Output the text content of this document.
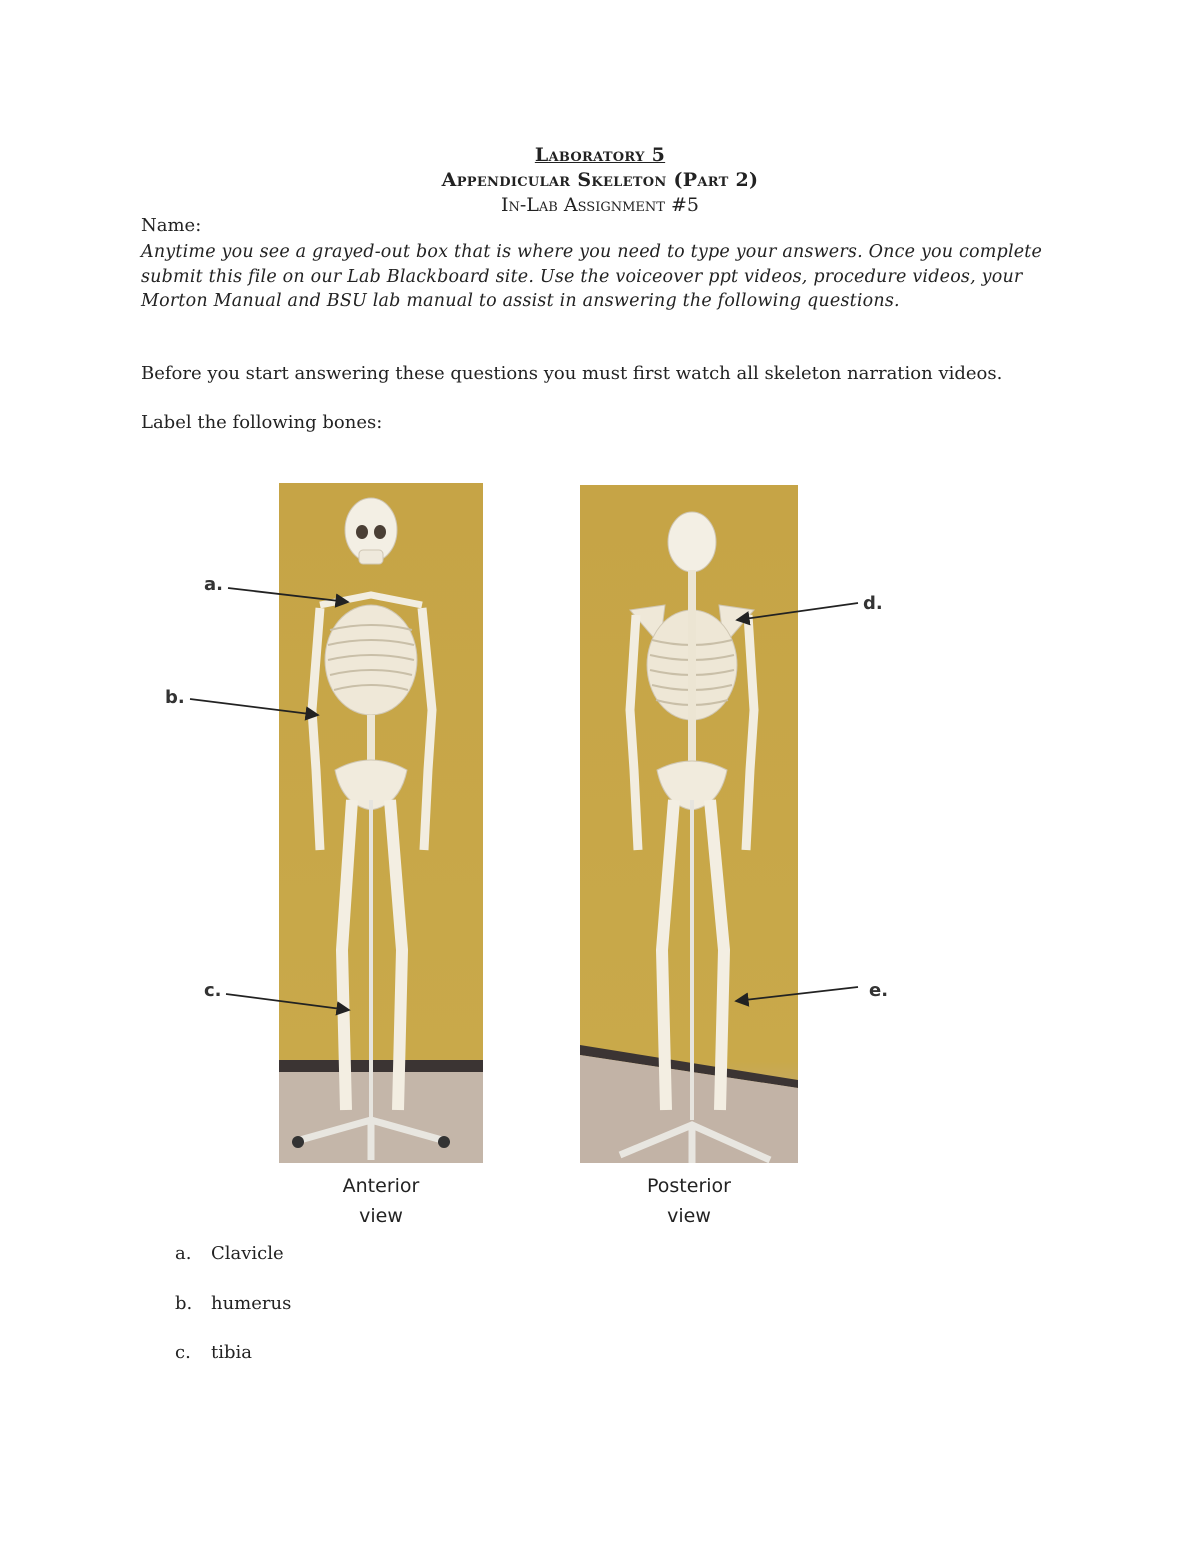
Laboratory 5
Appendicular Skeleton (Part 2)
In-Lab Assignment #5
Name:
Anytime you see a grayed-out box that is where you need to type your answers. Once you complete submit this file on our Lab Blackboard site. Use the voiceover ppt videos, procedure videos, your Morton Manual and BSU lab manual to assist in answering the following questions.
Before you start answering these questions you must first watch all skeleton narration videos.
Label the following bones:
a.
b.
c.
d.
e.
Anterior
view
Posterior
view
a.	Clavicle
b.	humerus
c.	tibia
